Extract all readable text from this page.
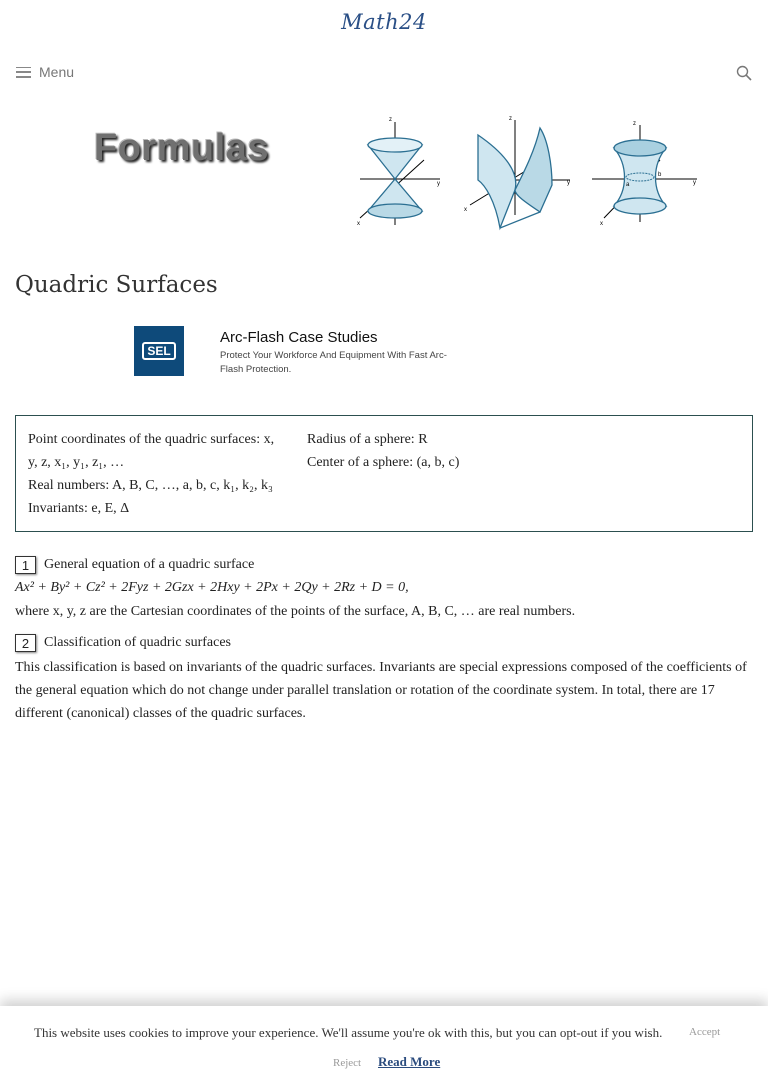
Math24
Menu
z
y
x
z
y
x
z
y
x
b
a
Formulas
Quadric Surfaces
SEL
Arc-Flash Case Studies
Protect Your Workforce And Equipment With Fast Arc-Flash Protection.
Point coordinates of the quadric surfaces: x,
y, z, x₁, y₁, z₁, …
Real numbers: A, B, C, …, a, b, c, k₁, k₂, k₃
Invariants: e, E, Δ
Radius of a sphere: R
Center of a sphere: (a, b, c)
1	General equation of a quadric surface
Ax² + By² + Cz² + 2Fyz + 2Gzx + 2Hxy + 2Px + 2Qy + 2Rz + D = 0,
where x, y, z are the Cartesian coordinates of the points of the surface, A, B, C, … are real numbers.
2	Classification of quadric surfaces
This classification is based on invariants of the quadric surfaces. Invariants are special expressions composed of the coefficients of the general equation which do not change under parallel translation or rotation of the coordinate system. In total, there are 17 different (canonical) classes of the quadric surfaces.
This website uses cookies to improve your experience. We'll assume you're ok with this, but you can opt-out if you wish. Accept
Reject Read More
